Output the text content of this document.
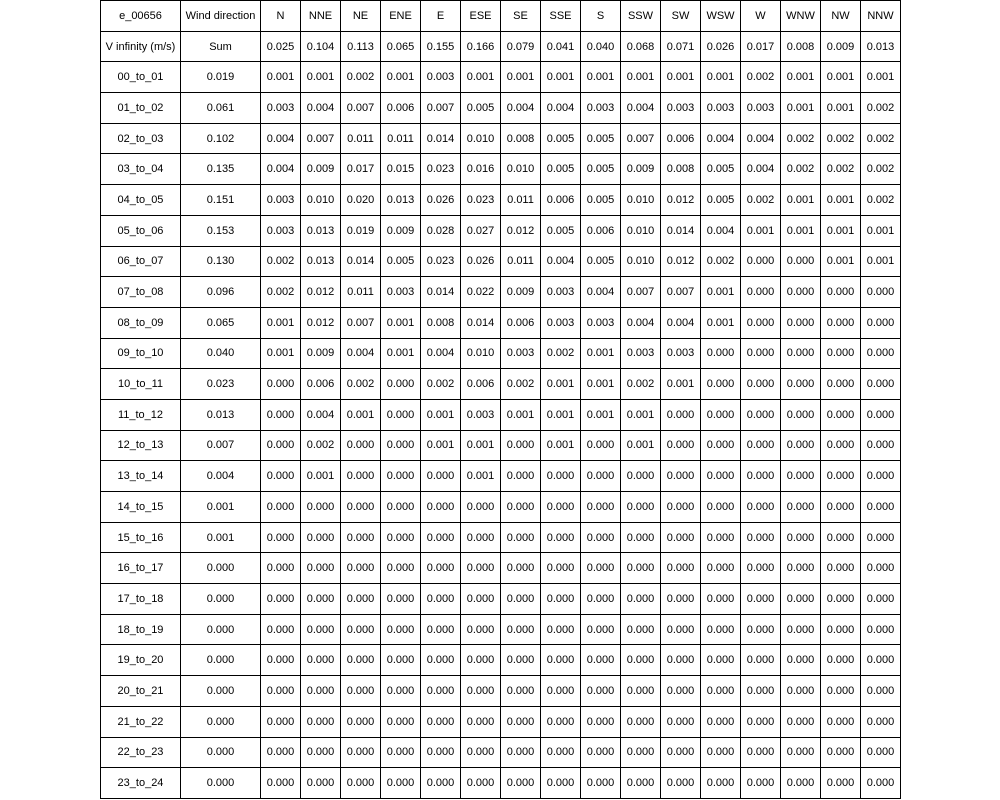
e_00656	Wind direction	N	NNE	NE	ENE	E	ESE	SE	SSE	S	SSW	SW	WSW	W	WNW	NW	NNW
V infinity (m/s)	Sum	0.025	0.104	0.113	0.065	0.155	0.166	0.079	0.041	0.040	0.068	0.071	0.026	0.017	0.008	0.009	0.013
00_to_01	0.019	0.001	0.001	0.002	0.001	0.003	0.001	0.001	0.001	0.001	0.001	0.001	0.001	0.002	0.001	0.001	0.001
01_to_02	0.061	0.003	0.004	0.007	0.006	0.007	0.005	0.004	0.004	0.003	0.004	0.003	0.003	0.003	0.001	0.001	0.002
02_to_03	0.102	0.004	0.007	0.011	0.011	0.014	0.010	0.008	0.005	0.005	0.007	0.006	0.004	0.004	0.002	0.002	0.002
03_to_04	0.135	0.004	0.009	0.017	0.015	0.023	0.016	0.010	0.005	0.005	0.009	0.008	0.005	0.004	0.002	0.002	0.002
04_to_05	0.151	0.003	0.010	0.020	0.013	0.026	0.023	0.011	0.006	0.005	0.010	0.012	0.005	0.002	0.001	0.001	0.002
05_to_06	0.153	0.003	0.013	0.019	0.009	0.028	0.027	0.012	0.005	0.006	0.010	0.014	0.004	0.001	0.001	0.001	0.001
06_to_07	0.130	0.002	0.013	0.014	0.005	0.023	0.026	0.011	0.004	0.005	0.010	0.012	0.002	0.000	0.000	0.001	0.001
07_to_08	0.096	0.002	0.012	0.011	0.003	0.014	0.022	0.009	0.003	0.004	0.007	0.007	0.001	0.000	0.000	0.000	0.000
08_to_09	0.065	0.001	0.012	0.007	0.001	0.008	0.014	0.006	0.003	0.003	0.004	0.004	0.001	0.000	0.000	0.000	0.000
09_to_10	0.040	0.001	0.009	0.004	0.001	0.004	0.010	0.003	0.002	0.001	0.003	0.003	0.000	0.000	0.000	0.000	0.000
10_to_11	0.023	0.000	0.006	0.002	0.000	0.002	0.006	0.002	0.001	0.001	0.002	0.001	0.000	0.000	0.000	0.000	0.000
11_to_12	0.013	0.000	0.004	0.001	0.000	0.001	0.003	0.001	0.001	0.001	0.001	0.000	0.000	0.000	0.000	0.000	0.000
12_to_13	0.007	0.000	0.002	0.000	0.000	0.001	0.001	0.000	0.001	0.000	0.001	0.000	0.000	0.000	0.000	0.000	0.000
13_to_14	0.004	0.000	0.001	0.000	0.000	0.000	0.001	0.000	0.000	0.000	0.000	0.000	0.000	0.000	0.000	0.000	0.000
14_to_15	0.001	0.000	0.000	0.000	0.000	0.000	0.000	0.000	0.000	0.000	0.000	0.000	0.000	0.000	0.000	0.000	0.000
15_to_16	0.001	0.000	0.000	0.000	0.000	0.000	0.000	0.000	0.000	0.000	0.000	0.000	0.000	0.000	0.000	0.000	0.000
16_to_17	0.000	0.000	0.000	0.000	0.000	0.000	0.000	0.000	0.000	0.000	0.000	0.000	0.000	0.000	0.000	0.000	0.000
17_to_18	0.000	0.000	0.000	0.000	0.000	0.000	0.000	0.000	0.000	0.000	0.000	0.000	0.000	0.000	0.000	0.000	0.000
18_to_19	0.000	0.000	0.000	0.000	0.000	0.000	0.000	0.000	0.000	0.000	0.000	0.000	0.000	0.000	0.000	0.000	0.000
19_to_20	0.000	0.000	0.000	0.000	0.000	0.000	0.000	0.000	0.000	0.000	0.000	0.000	0.000	0.000	0.000	0.000	0.000
20_to_21	0.000	0.000	0.000	0.000	0.000	0.000	0.000	0.000	0.000	0.000	0.000	0.000	0.000	0.000	0.000	0.000	0.000
21_to_22	0.000	0.000	0.000	0.000	0.000	0.000	0.000	0.000	0.000	0.000	0.000	0.000	0.000	0.000	0.000	0.000	0.000
22_to_23	0.000	0.000	0.000	0.000	0.000	0.000	0.000	0.000	0.000	0.000	0.000	0.000	0.000	0.000	0.000	0.000	0.000
23_to_24	0.000	0.000	0.000	0.000	0.000	0.000	0.000	0.000	0.000	0.000	0.000	0.000	0.000	0.000	0.000	0.000	0.000
